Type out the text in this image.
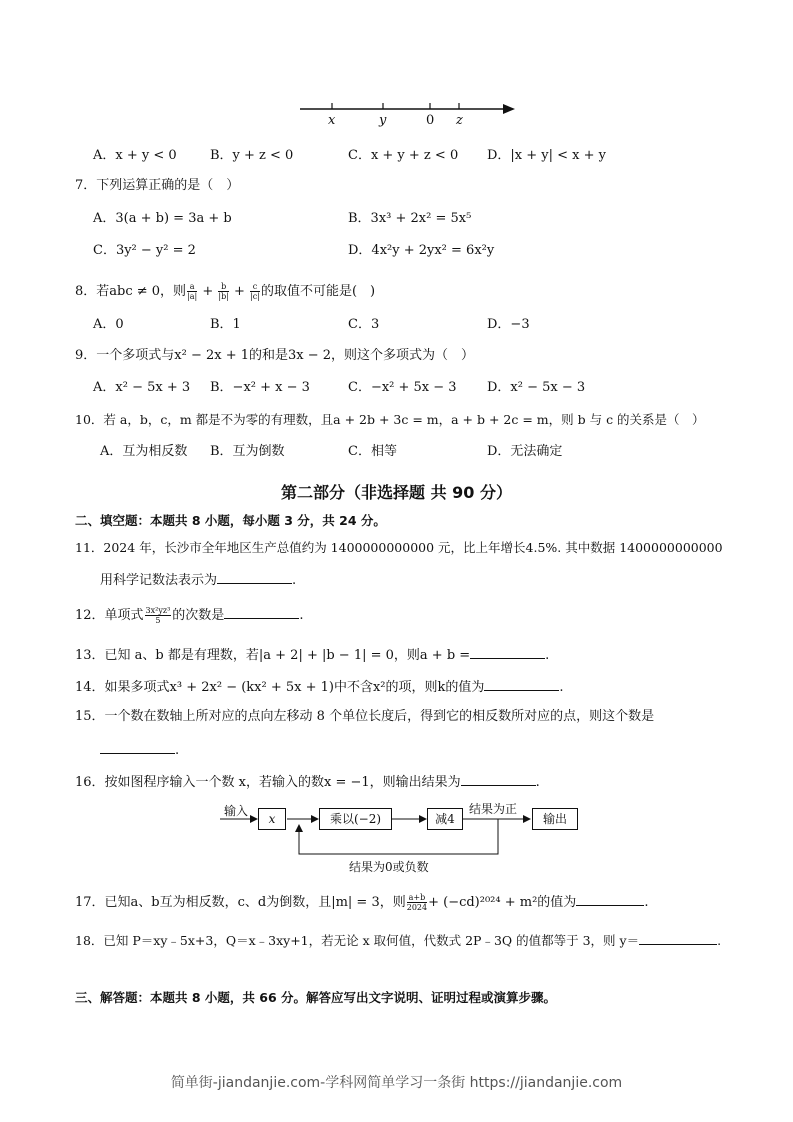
x	y	0 z
A．x + y < 0	B．y + z < 0	C．x + y + z < 0 D．|x + y| < x + y
7．下列运算正确的是（　）
A．3(a + b) = 3a + b	B．3x³ + 2x² = 5x⁵
C．3y² − y² = 2	D．4x²y + 2yx² = 6x²y
8．若abc ≠ 0，则 $\frac{a}{|a|} + \frac{b}{|b|} + \frac{c}{|c|}$ 的取值不可能是(　)
A．0	B．1	C．3	D．−3
9．一个多项式与x² − 2x + 1的和是3x − 2，则这个多项式为（　）
A．x² − 5x + 3 B．−x² + x − 3	C．−x² + 5x − 3 D．x² − 5x − 3
10．若 a，b，c，m 都是不为零的有理数，且a + 2b + 3c = m，a + b + 2c = m，则 b 与 c 的关系是（　）
A．互为相反数 B．互为倒数	C．相等	D．无法确定
第二部分（非选择题 共 90 分）
二、填空题：本题共 8 小题，每小题 3 分，共 24 分。
11．2024 年，长沙市全年地区生产总值约为 1400000000000 元，比上年增长4.5%. 其中数据 1400000000000
用科学记数法表示为	.
12．单项式 $\frac{\text{3x²yz³}}{5}$ 的次数是	.
13．已知 a、b 都是有理数，若|a + 2| + |b − 1| = 0，则a + b =	.
14．如果多项式x³ + 2x² − (kx² + 5x + 1)中不含x²的项，则k的值为	.
15．一个数在数轴上所对应的点向左移动 8 个单位长度后，得到它的相反数所对应的点，则这个数是
.
16．按如图程序输入一个数 x，若输入的数x = −1，则输出结果为	.
输入
x	乘以(−2)	减4
结果为正
输出
结果为0或负数
17．已知a、b互为相反数，c、d为倒数，且|m| = 3，则 $\frac{a+b}{2024} + (-cd)^{2024} + m^2$的值为	.
18．已知 P＝xy﹣5x+3，Q＝x﹣3xy+1，若无论 x 取何值，代数式 2P﹣3Q 的值都等于 3，则 y＝	.
三、解答题：本题共 8 小题，共 66 分。解答应写出文字说明、证明过程或演算步骤。
简单街-jiandanjie.com-学科网简单学习一条街 https://jiandanjie.com
